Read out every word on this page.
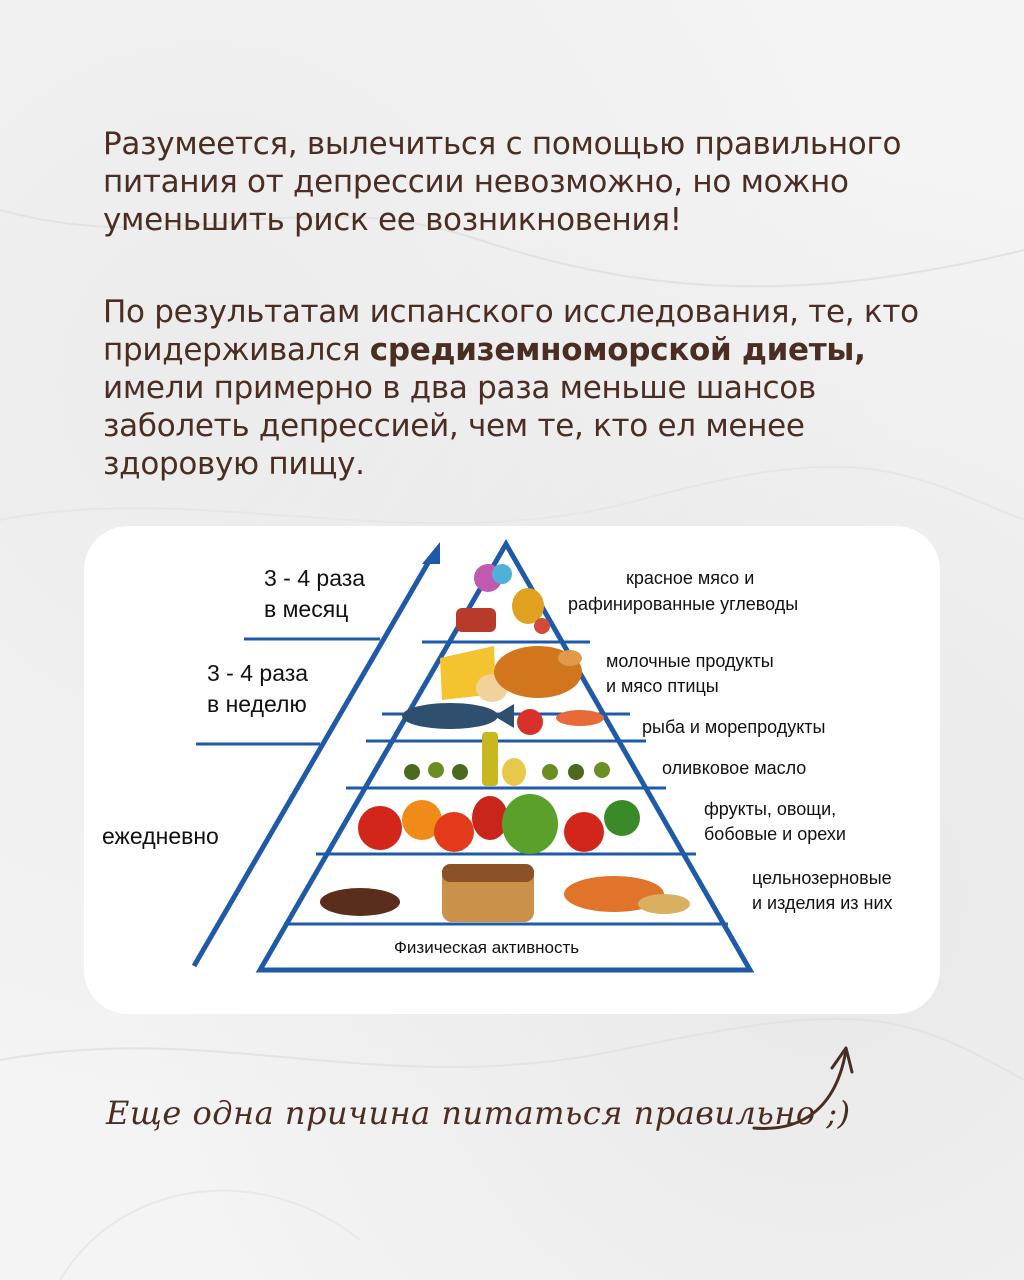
Разумеется, вылечиться с помощью правильного питания от депрессии невозможно, но можно уменьшить риск ее возникновения!
По результатам испанского исследования, те, кто придерживался средиземноморской диеты, имели примерно в два раза меньше шансов заболеть депрессией, чем те, кто ел менее здоровую пищу.
3 - 4 раза
в месяц
3 - 4 раза
в неделю
ежедневно
красное мясо и
рафинированные углеводы
молочные продукты
и мясо птицы
рыба и морепродукты
оливковое масло
фрукты, овощи,
бобовые и орехи
цельнозерновые
и изделия из них
Физическая активность
Еще одна причина питаться правильно ;)
